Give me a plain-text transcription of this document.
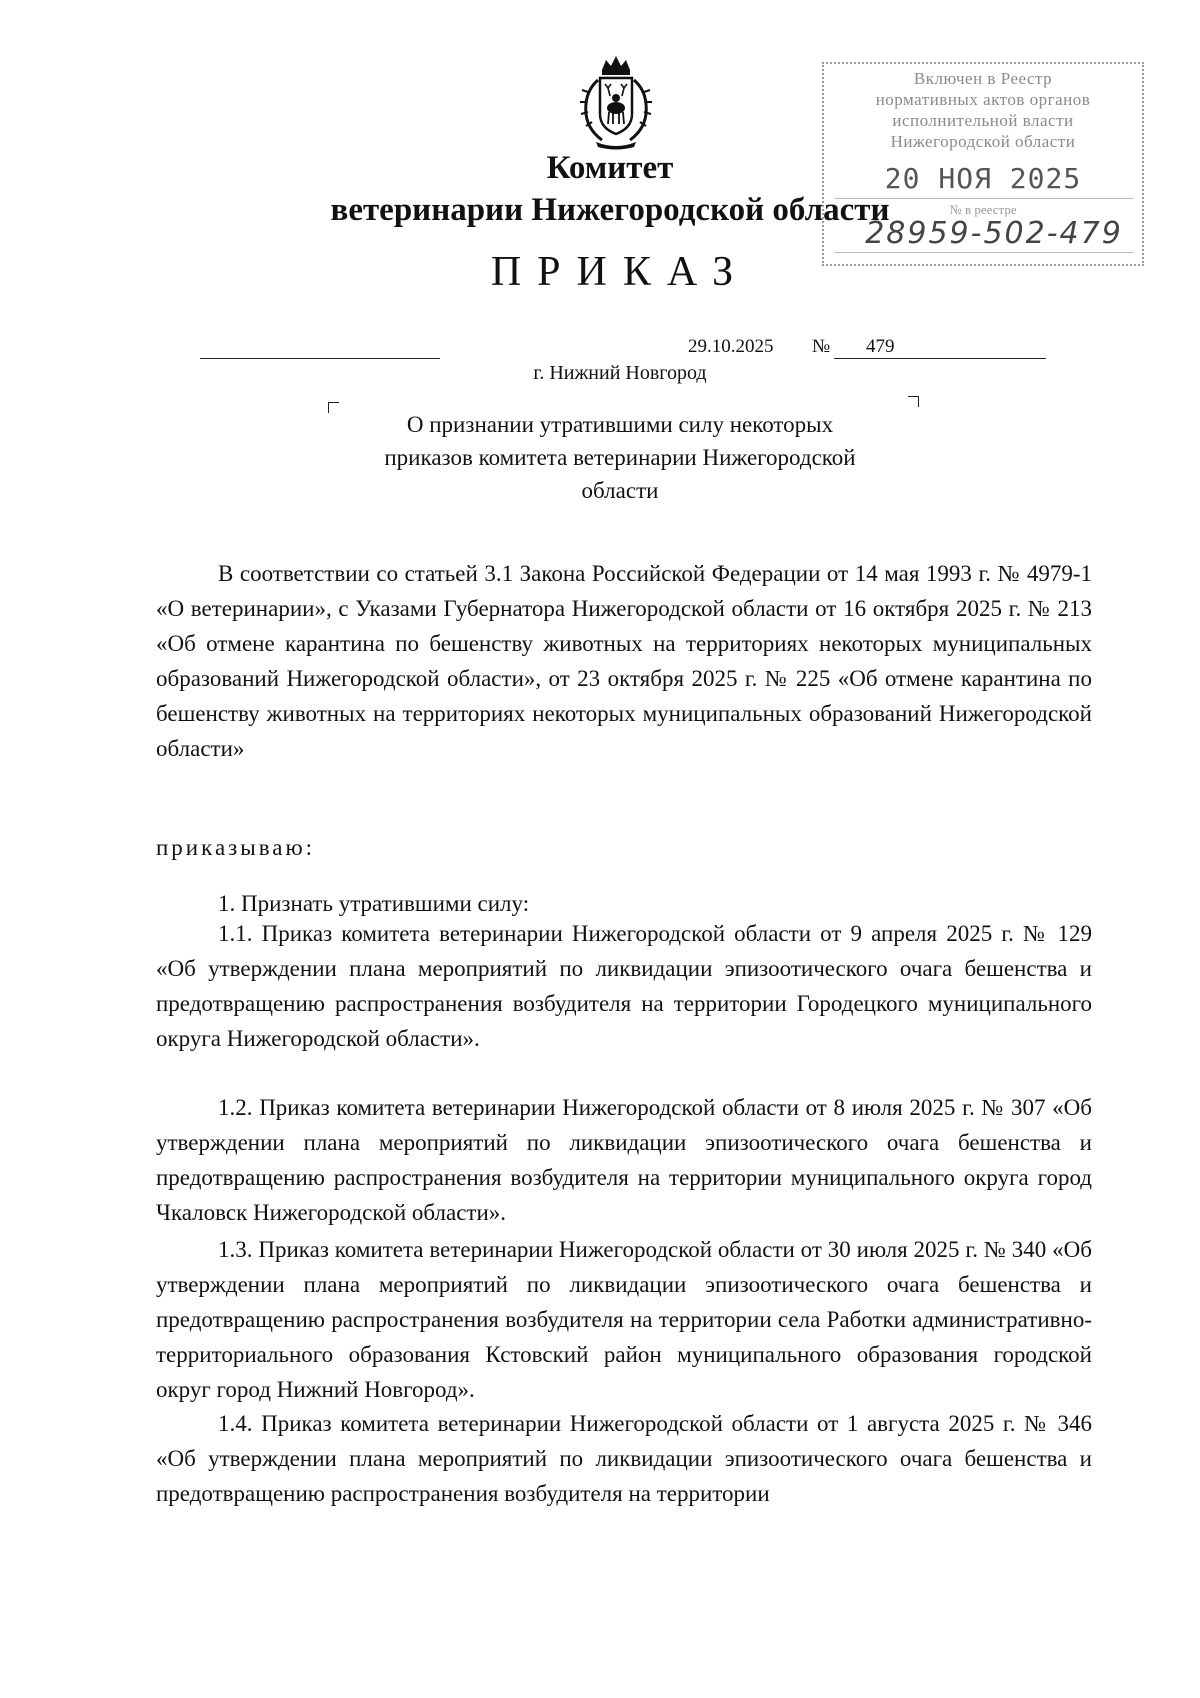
Комитет
ветеринарии Нижегородской области
ПРИКАЗ
Включен в Реестр
нормативных актов органов
исполнительной власти
Нижегородской области
20 НОЯ 2025
№ в реестре
28959-502-479
29.10.2025 № 479
г. Нижний Новгород
О признании утратившими силу некоторых
приказов комитета ветеринарии Нижегородской
области
В соответствии со статьей 3.1 Закона Российской Федерации от 14 мая 1993 г. № 4979-1 «О ветеринарии», с Указами Губернатора Нижегородской области от 16 октября 2025 г. № 213 «Об отмене карантина по бешенству животных на территориях некоторых муниципальных образований Нижегородской области», от 23 октября 2025 г. № 225 «Об отмене карантина по бешенству животных на территориях некоторых муниципальных образований Нижегородской области»
приказываю:
1. Признать утратившими силу:
1.1. Приказ комитета ветеринарии Нижегородской области от 9 апреля 2025 г. № 129 «Об утверждении плана мероприятий по ликвидации эпизоотического очага бешенства и предотвращению распространения возбудителя на территории Городецкого муниципального округа Нижегородской области».
1.2. Приказ комитета ветеринарии Нижегородской области от 8 июля 2025 г. № 307 «Об утверждении плана мероприятий по ликвидации эпизоотического очага бешенства и предотвращению распространения возбудителя на территории муниципального округа город Чкаловск Нижегородской области».
1.3. Приказ комитета ветеринарии Нижегородской области от 30 июля 2025 г. № 340 «Об утверждении плана мероприятий по ликвидации эпизоотического очага бешенства и предотвращению распространения возбудителя на территории села Работки административно-территориального образования Кстовский район муниципального образования городской округ город Нижний Новгород».
1.4. Приказ комитета ветеринарии Нижегородской области от 1 августа 2025 г. № 346 «Об утверждении плана мероприятий по ликвидации эпизоотического очага бешенства и предотвращению распространения возбудителя на территории
